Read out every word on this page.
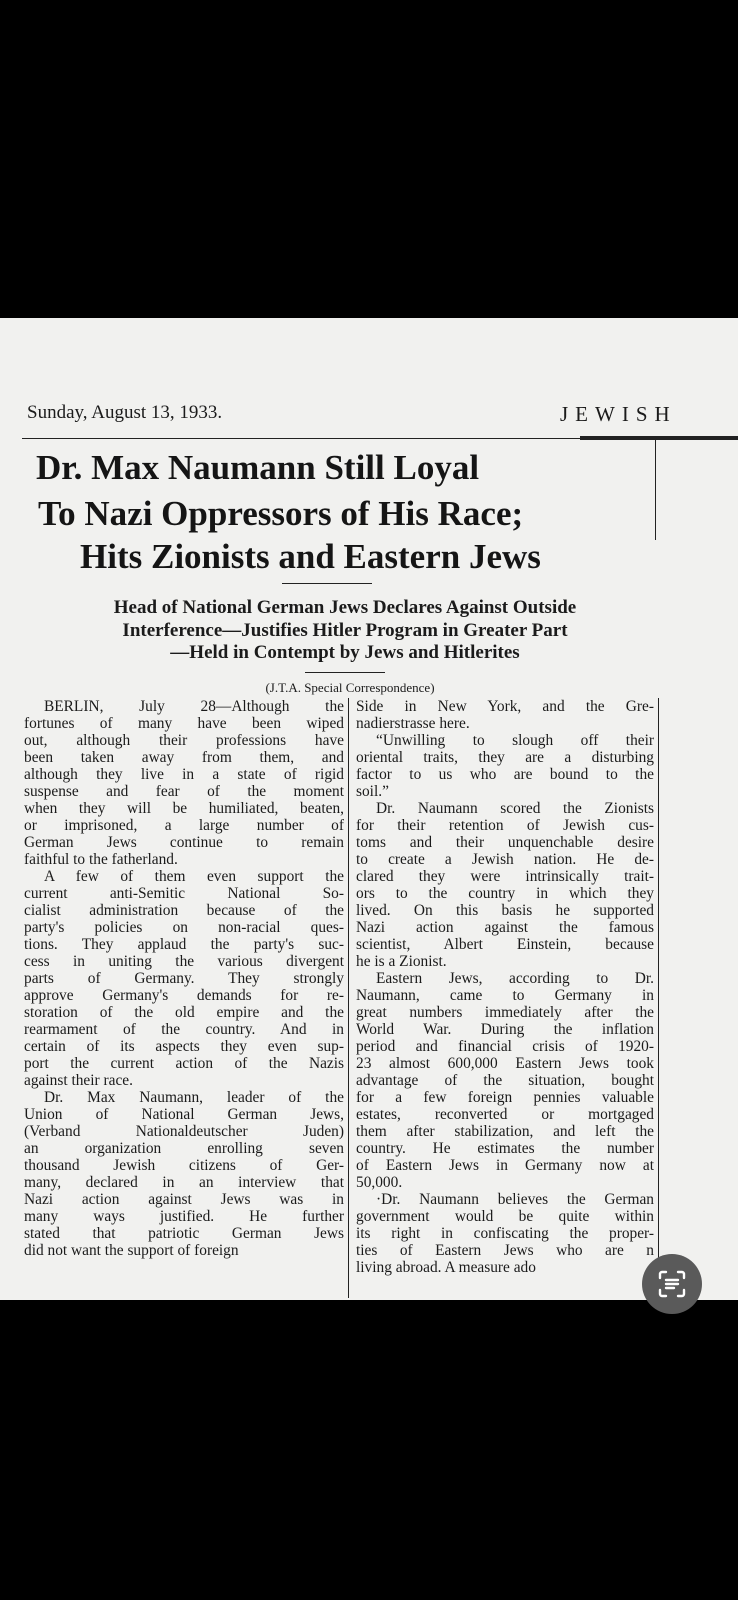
Sunday, August 13, 1933.	JEWISH
Dr. Max Naumann Still Loyal
To Nazi Oppressors of His Race;
Hits Zionists and Eastern Jews
Head of National German Jews Declares Against Outside
Interference—Justifies Hitler Program in Greater Part
—Held in Contempt by Jews and Hitlerites
(J.T.A. Special Correspondence)
BERLIN, July 28—Although the
fortunes of many have been wiped
out, although their professions have
been taken away from them, and
although they live in a state of rigid
suspense and fear of the moment
when they will be humiliated, beaten,
or imprisoned, a large number of
German Jews continue to remain
faithful to the fatherland.
A few of them even support the
current anti-Semitic National So-
cialist administration because of the
party's policies on non-racial ques-
tions. They applaud the party's suc-
cess in uniting the various divergent
parts of Germany. They strongly
approve Germany's demands for re-
storation of the old empire and the
rearmament of the country. And in
certain of its aspects they even sup-
port the current action of the Nazis
against their race.
Dr. Max Naumann, leader of the
Union of National German Jews,
(Verband Nationaldeutscher Juden)
an organization enrolling seven
thousand Jewish citizens of Ger-
many, declared in an interview that
Nazi action against Jews was in
many ways justified. He further
stated that patriotic German Jews
did not want the support of foreign
Side in New York, and the Gre-
nadierstrasse here.
“Unwilling to slough off their
oriental traits, they are a disturbing
factor to us who are bound to the
soil.”
Dr. Naumann scored the Zionists
for their retention of Jewish cus-
toms and their unquenchable desire
to create a Jewish nation. He de-
clared they were intrinsically trait-
ors to the country in which they
lived. On this basis he supported
Nazi action against the famous
scientist, Albert Einstein, because
he is a Zionist.
Eastern Jews, according to Dr.
Naumann, came to Germany in
great numbers immediately after the
World War. During the inflation
period and financial crisis of 1920-
23 almost 600,000 Eastern Jews took
advantage of the situation, bought
for a few foreign pennies valuable
estates, reconverted or mortgaged
them after stabilization, and left the
country. He estimates the number
of Eastern Jews in Germany now at
50,000.
·Dr. Naumann believes the German
government would be quite within
its right in confiscating the proper-
ties of Eastern Jews who are n
living abroad. A measure ado
